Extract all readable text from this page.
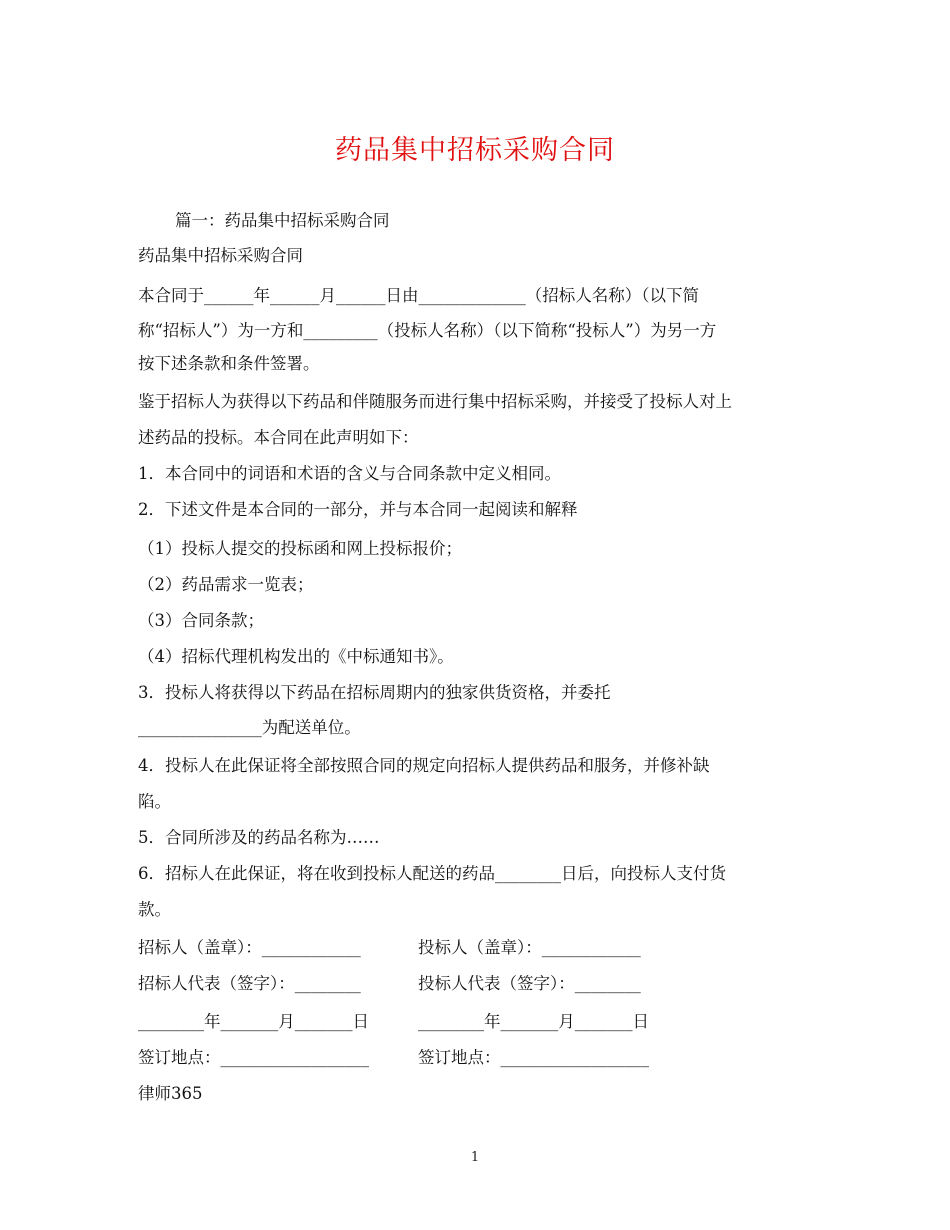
药品集中招标采购合同
篇一：药品集中招标采购合同
药品集中招标采购合同
本合同于______年______月______日由_____________（招标人名称）（以下简
称“招标人”）为一方和_________（投标人名称）（以下简称“投标人”）为另一方
按下述条款和条件签署。
鉴于招标人为获得以下药品和伴随服务而进行集中招标采购，并接受了投标人对上
述药品的投标。本合同在此声明如下：
1．本合同中的词语和术语的含义与合同条款中定义相同。
2．下述文件是本合同的一部分，并与本合同一起阅读和解释
（1）投标人提交的投标函和网上投标报价；
（2）药品需求一览表；
（3）合同条款；
（4）招标代理机构发出的《中标通知书》。
3．投标人将获得以下药品在招标周期内的独家供货资格，并委托
_______________为配送单位。
4．投标人在此保证将全部按照合同的规定向招标人提供药品和服务，并修补缺
陷。
5．合同所涉及的药品名称为……
6．招标人在此保证，将在收到投标人配送的药品________日后，向投标人支付货
款。
招标人（盖章）：____________	投标人（盖章）：____________
招标人代表（签字）：________	投标人代表（签字）：________
________年_______月_______日	________年_______月_______日
签订地点：__________________	签订地点：__________________
律师365
1
